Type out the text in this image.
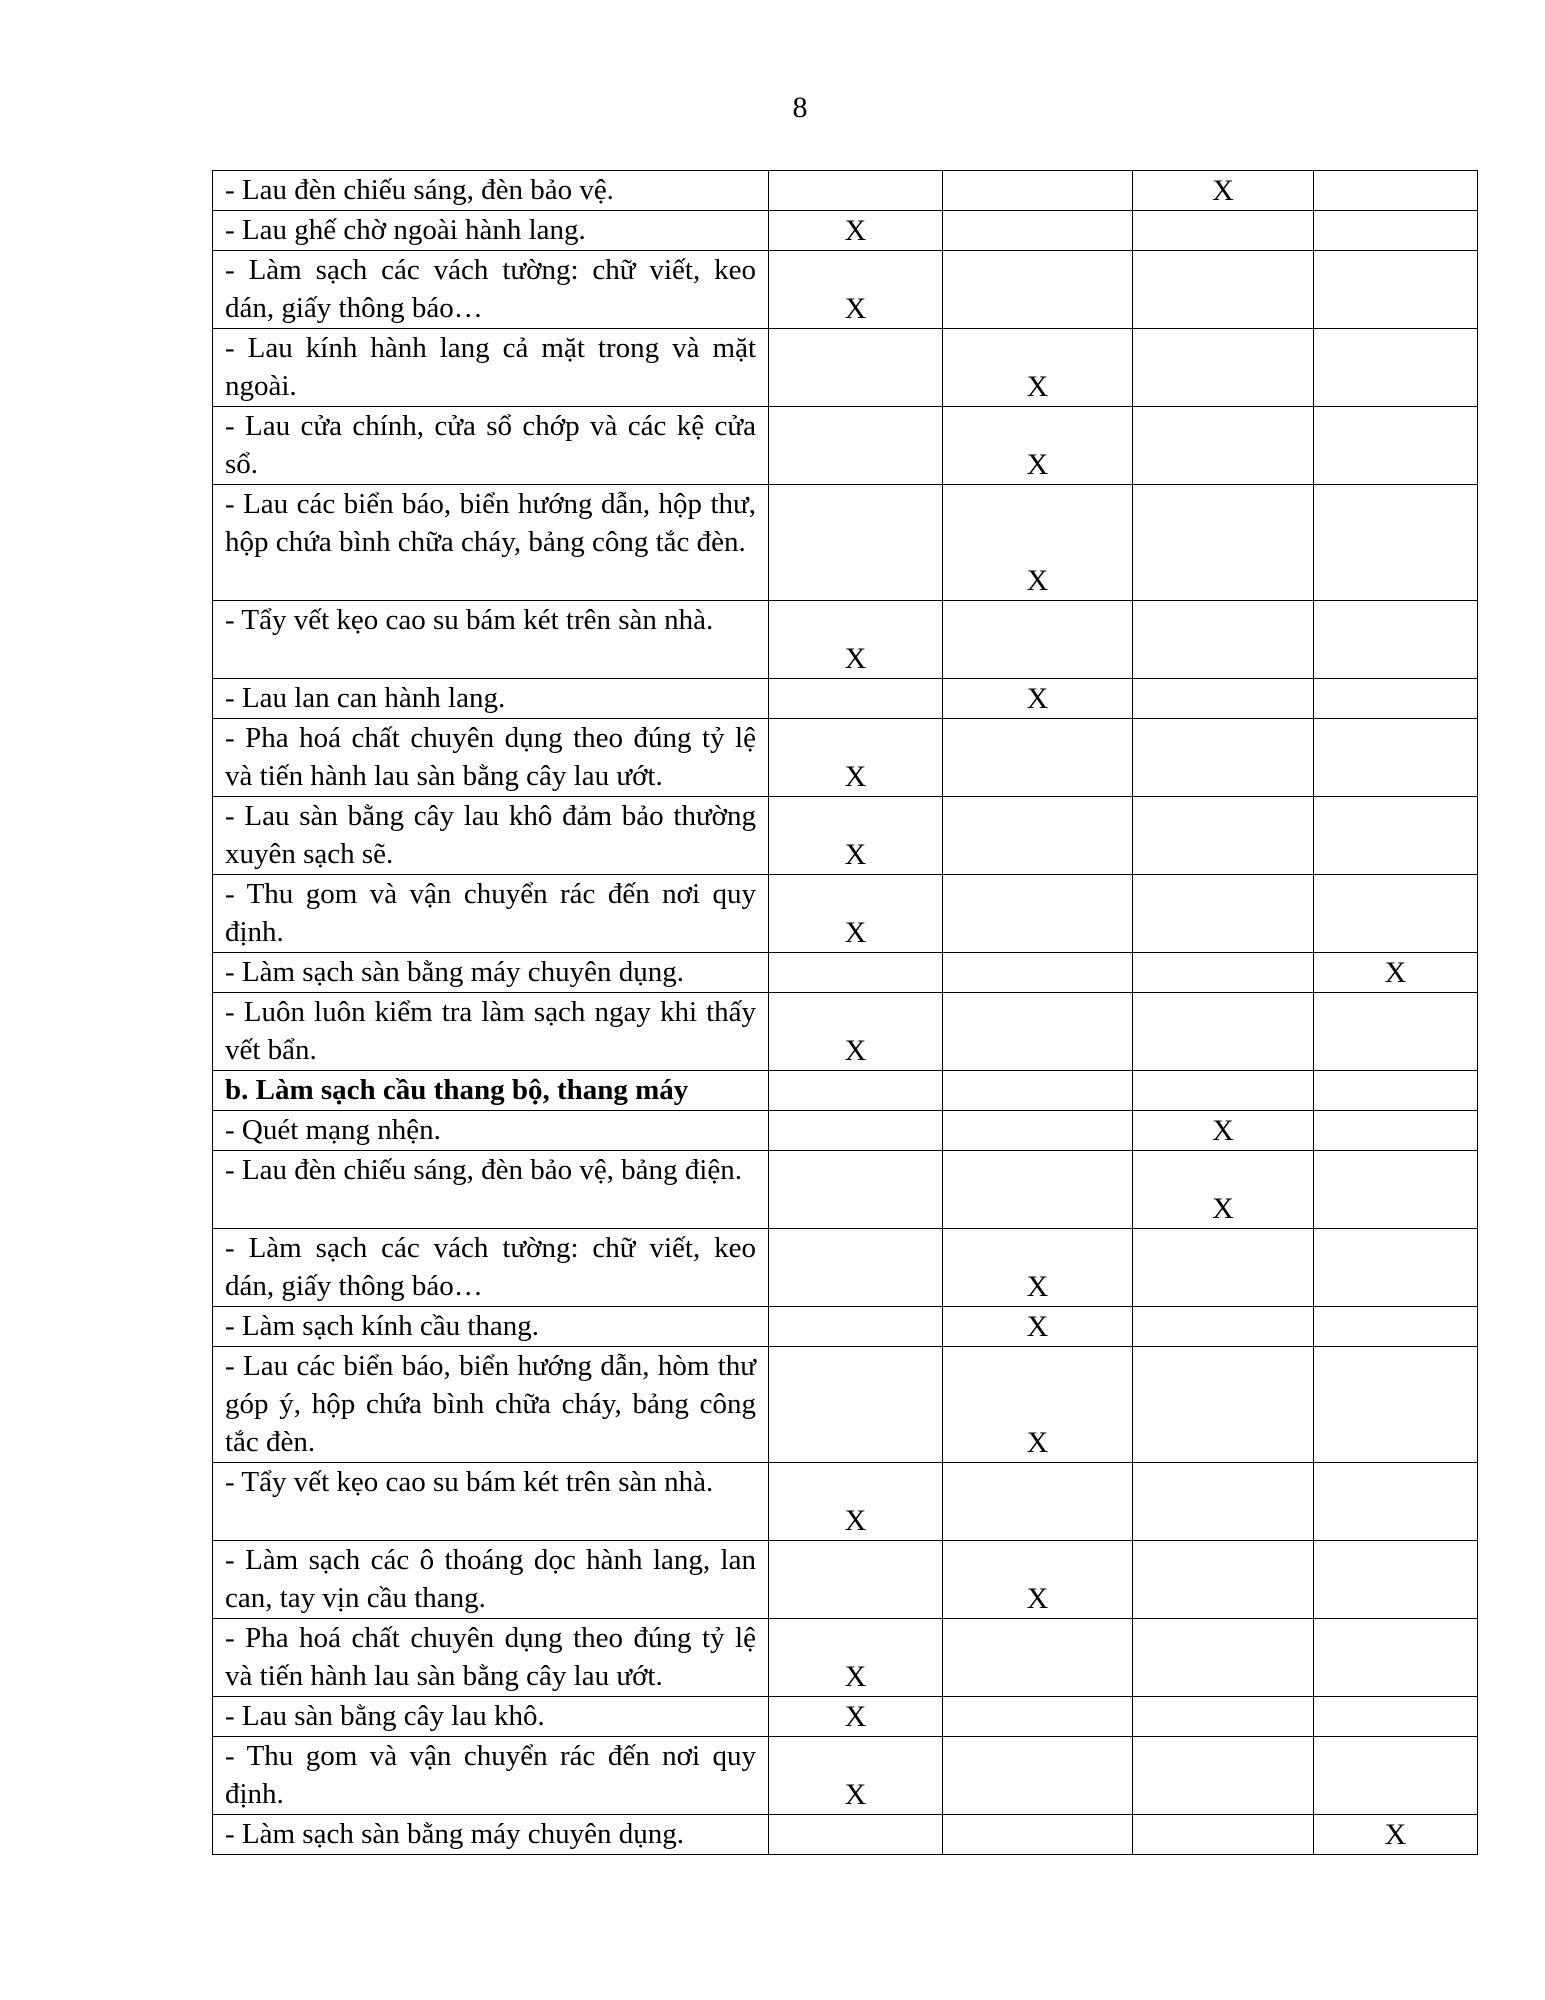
8
- Lau đèn chiếu sáng, đèn bảo vệ.			X	
- Lau ghế chờ ngoài hành lang.	X			
- Làm sạch các vách tường: chữ viết, keo dán, giấy thông báo…	X			
- Lau kính hành lang cả mặt trong và mặt ngoài.		X		
- Lau cửa chính, cửa sổ chớp và các kệ cửa sổ.		X		
- Lau các biển báo, biển hướng dẫn, hộp thư, hộp chứa bình chữa cháy, bảng công tắc đèn.		X		
- Tẩy vết kẹo cao su bám két trên sàn nhà.	X			
- Lau lan can hành lang.		X		
- Pha hoá chất chuyên dụng theo đúng tỷ lệ và tiến hành lau sàn bằng cây lau ướt.	X			
- Lau sàn bằng cây lau khô đảm bảo thường xuyên sạch sẽ.	X			
- Thu gom và vận chuyển rác đến nơi quy định.	X			
- Làm sạch sàn bằng máy chuyên dụng.				X
- Luôn luôn kiểm tra làm sạch ngay khi thấy vết bẩn.	X			
b. Làm sạch cầu thang bộ, thang máy				
- Quét mạng nhện.			X	
- Lau đèn chiếu sáng, đèn bảo vệ, bảng điện.			X	
- Làm sạch các vách tường: chữ viết, keo dán, giấy thông báo…		X		
- Làm sạch kính cầu thang.		X		
- Lau các biển báo, biển hướng dẫn, hòm thư góp ý, hộp chứa bình chữa cháy, bảng công tắc đèn.		X		
- Tẩy vết kẹo cao su bám két trên sàn nhà.	X			
- Làm sạch các ô thoáng dọc hành lang, lan can, tay vịn cầu thang.		X		
- Pha hoá chất chuyên dụng theo đúng tỷ lệ và tiến hành lau sàn bằng cây lau ướt.	X			
- Lau sàn bằng cây lau khô.	X			
- Thu gom và vận chuyển rác đến nơi quy định.	X			
- Làm sạch sàn bằng máy chuyên dụng.				X
